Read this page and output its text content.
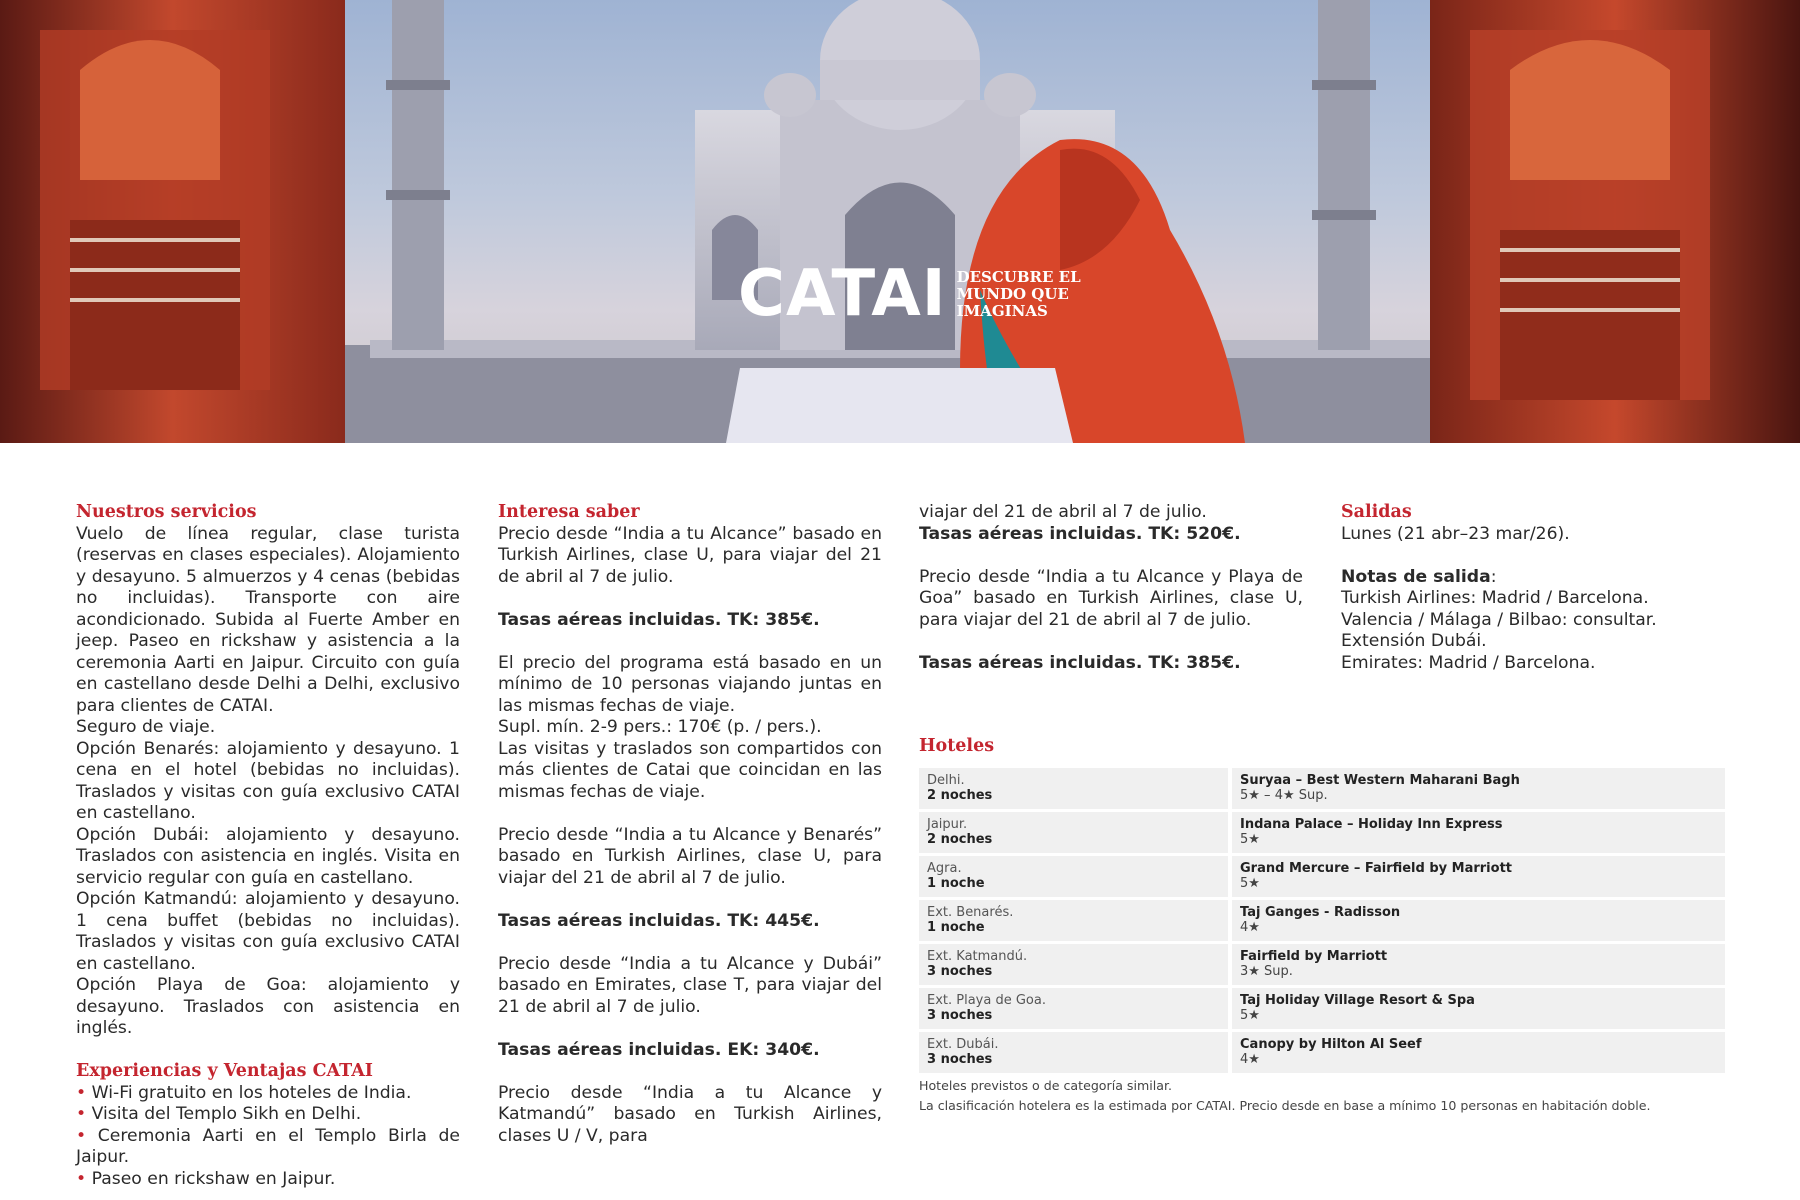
CATAI DESCUBRE EL
MUNDO QUE
IMAGINAS
Nuestros servicios
Vuelo de línea regular, clase turista (reservas en clases especiales). Alojamiento y desayuno. 5 almuerzos y 4 cenas (bebidas no incluidas). Transporte con aire acondicionado. Subida al Fuerte Amber en jeep. Paseo en rickshaw y asistencia a la ceremonia Aarti en Jaipur. Circuito con guía en castellano desde Delhi a Delhi, exclusivo para clientes de CATAI.
Seguro de viaje.
Opción Benarés: alojamiento y desayuno. 1 cena en el hotel (bebidas no incluidas). Traslados y visitas con guía exclusivo CATAI en castellano.
Opción Dubái: alojamiento y desayuno. Traslados con asistencia en inglés. Visita en servicio regular con guía en castellano.
Opción Katmandú: alojamiento y desayuno. 1 cena buffet (bebidas no incluidas). Traslados y visitas con guía exclusivo CATAI en castellano.
Opción Playa de Goa: alojamiento y desayuno. Traslados con asistencia en inglés.
Experiencias y Ventajas CATAI
• Wi-Fi gratuito en los hoteles de India.
• Visita del Templo Sikh en Delhi.
• Ceremonia Aarti en el Templo Birla de Jaipur.
• Paseo en rickshaw en Jaipur.
Interesa saber
Precio desde “India a tu Alcance” basado en Turkish Airlines, clase U, para viajar del 21 de abril al 7 de julio.
Tasas aéreas incluidas. TK: 385€.
El precio del programa está basado en un mínimo de 10 personas viajando juntas en las mismas fechas de viaje.
Supl. mín. 2-9 pers.: 170€ (p. / pers.).
Las visitas y traslados son compartidos con más clientes de Catai que coincidan en las mismas fechas de viaje.
Precio desde “India a tu Alcance y Benarés” basado en Turkish Airlines, clase U, para viajar del 21 de abril al 7 de julio.
Tasas aéreas incluidas. TK: 445€.
Precio desde “India a tu Alcance y Dubái” basado en Emirates, clase T, para viajar del 21 de abril al 7 de julio.
Tasas aéreas incluidas. EK: 340€.
Precio desde “India a tu Alcance y Katmandú” basado en Turkish Airlines, clases U / V, para
viajar del 21 de abril al 7 de julio.
Tasas aéreas incluidas. TK: 520€.
Precio desde “India a tu Alcance y Playa de Goa” basado en Turkish Airlines, clase U, para viajar del 21 de abril al 7 de julio.
Tasas aéreas incluidas. TK: 385€.
Hoteles
Delhi.
2 noches
Suryaa – Best Western Maharani Bagh
5★ – 4★ Sup.
Jaipur.
2 noches
Indana Palace – Holiday Inn Express
5★
Agra.
1 noche
Grand Mercure – Fairfield by Marriott
5★
Ext. Benarés.
1 noche
Taj Ganges - Radisson
4★
Ext. Katmandú.
3 noches
Fairfield by Marriott
3★ Sup.
Ext. Playa de Goa.
3 noches
Taj Holiday Village Resort & Spa
5★
Ext. Dubái.
3 noches
Canopy by Hilton Al Seef
4★
Hoteles previstos o de categoría similar.
La clasificación hotelera es la estimada por CATAI. Precio desde en base a mínimo 10 personas en habitación doble.
Salidas
Lunes (21 abr–23 mar/26).
Notas de salida:
Turkish Airlines: Madrid / Barcelona.
Valencia / Málaga / Bilbao: consultar.
Extensión Dubái.
Emirates: Madrid / Barcelona.
